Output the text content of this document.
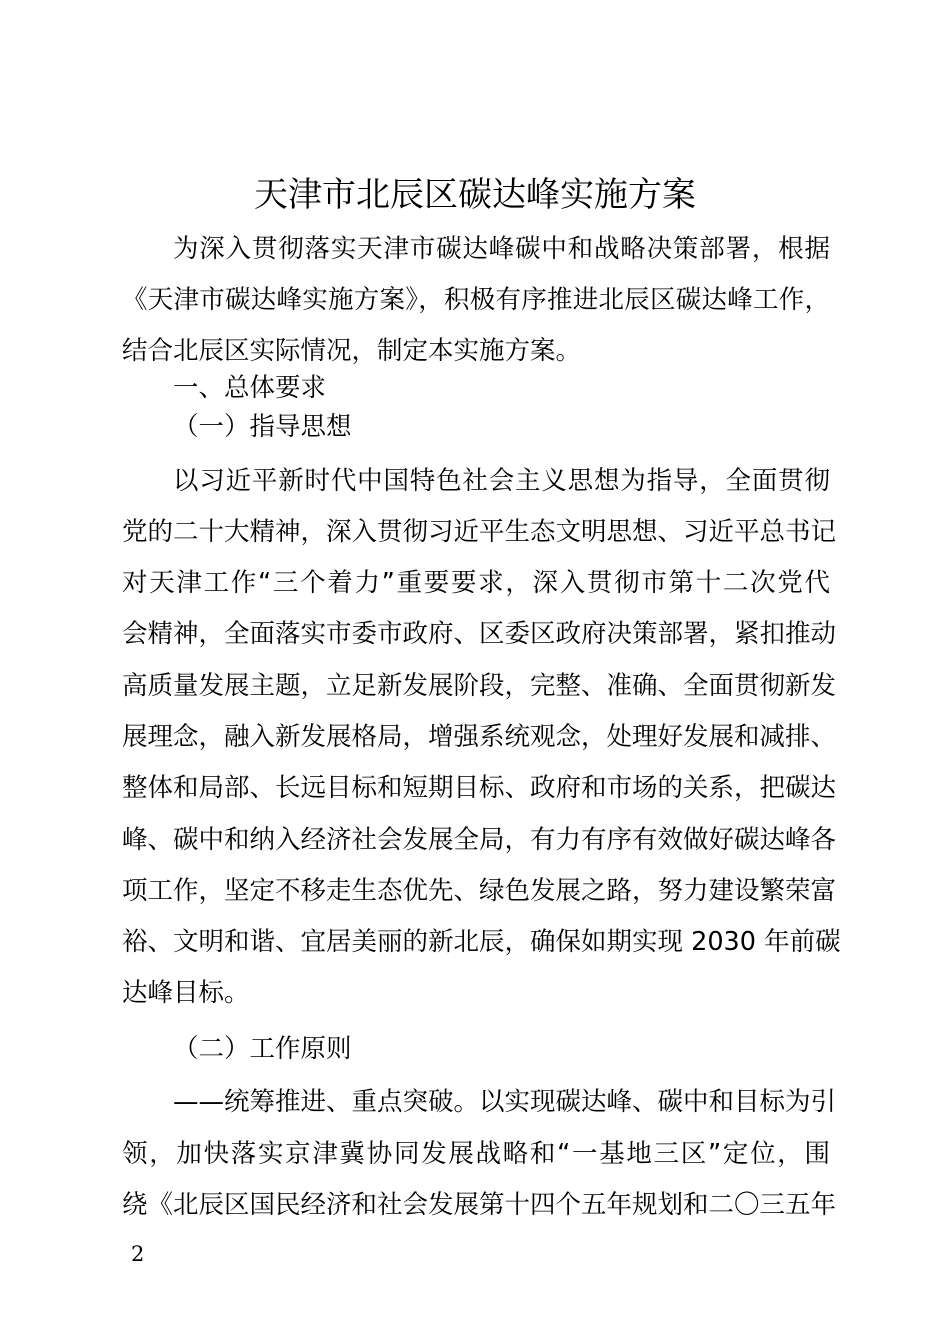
天津市北辰区碳达峰实施方案
为深入贯彻落实天津市碳达峰碳中和战略决策部署，根据
《天津市碳达峰实施方案》，积极有序推进北辰区碳达峰工作，
结合北辰区实际情况，制定本实施方案。
一、总体要求
（一）指导思想
以习近平新时代中国特色社会主义思想为指导，全面贯彻
党的二十大精神，深入贯彻习近平生态文明思想、习近平总书记
对天津工作“三个着力”重要要求，深入贯彻市第十二次党代
会精神，全面落实市委市政府、区委区政府决策部署，紧扣推动
高质量发展主题，立足新发展阶段，完整、准确、全面贯彻新发
展理念，融入新发展格局，增强系统观念，处理好发展和减排、
整体和局部、长远目标和短期目标、政府和市场的关系，把碳达
峰、碳中和纳入经济社会发展全局，有力有序有效做好碳达峰各
项工作，坚定不移走生态优先、绿色发展之路，努力建设繁荣富
裕、文明和谐、宜居美丽的新北辰，确保如期实现 2030 年前碳
达峰目标。
（二）工作原则
——统筹推进、重点突破。以实现碳达峰、碳中和目标为引
领，加快落实京津冀协同发展战略和“一基地三区”定位，围
绕《北辰区国民经济和社会发展第十四个五年规划和二〇三五年
2
